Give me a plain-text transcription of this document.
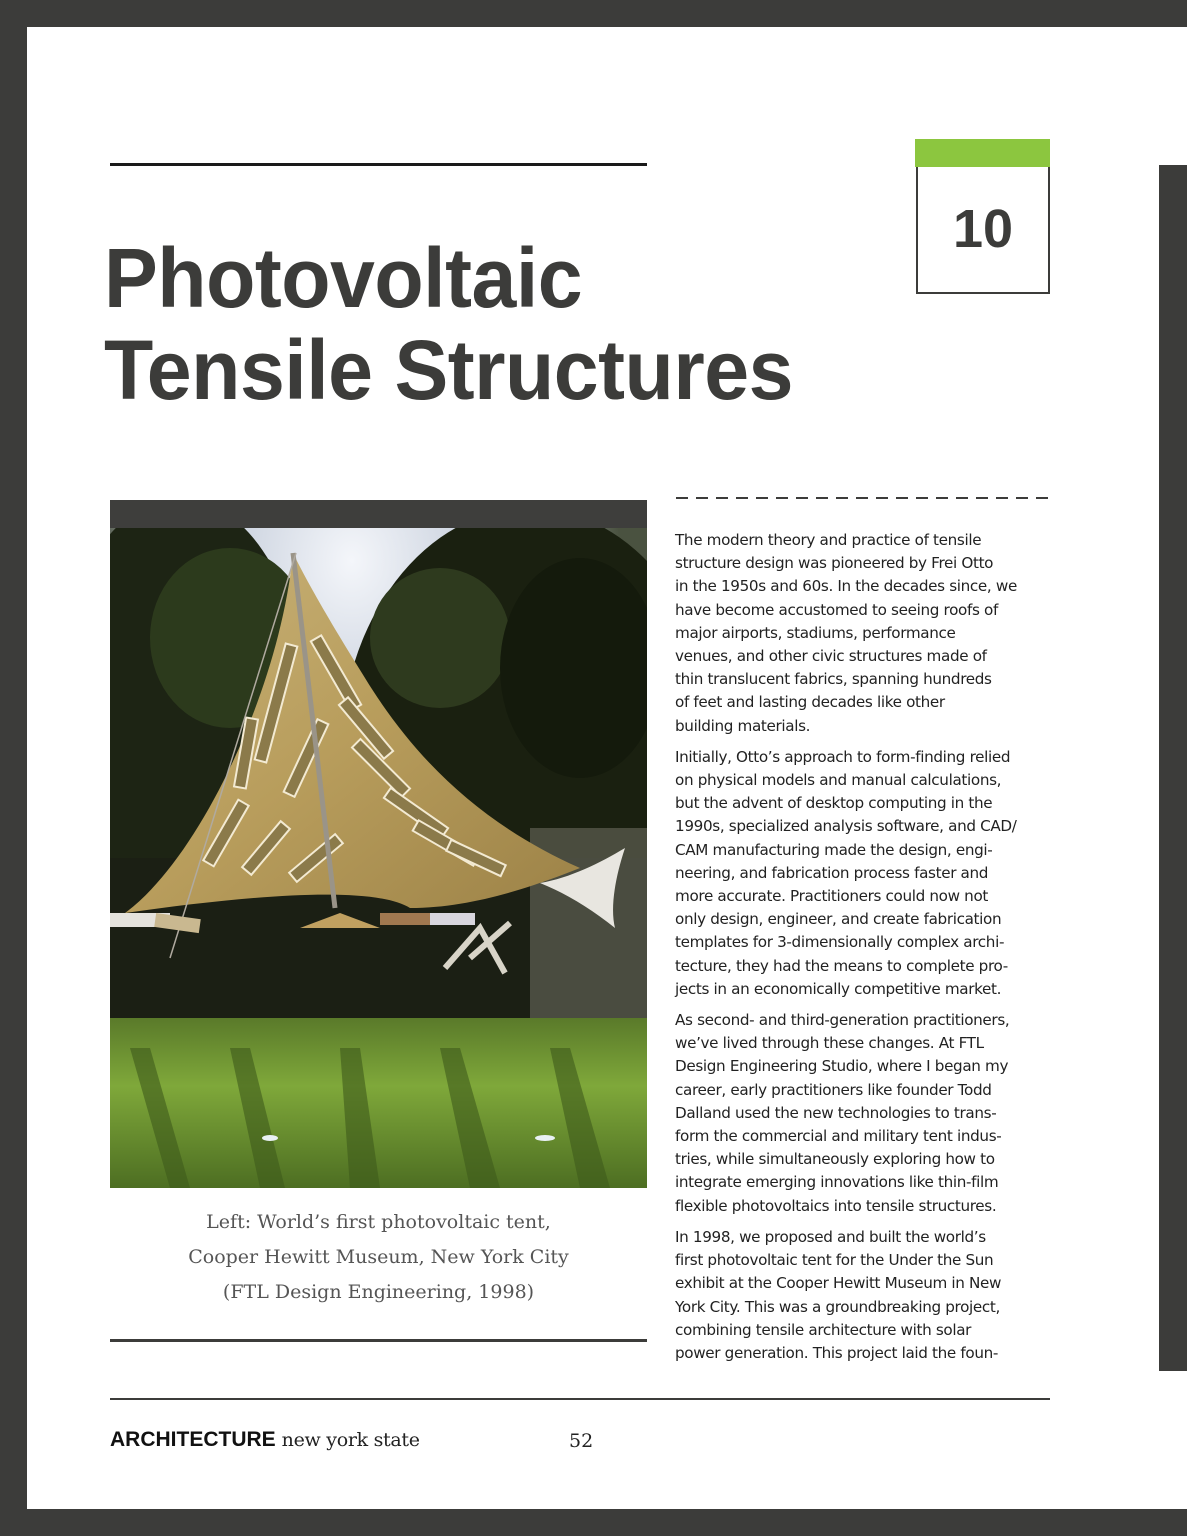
Photovoltaic
Tensile Structures
10
Left: World’s first photovoltaic tent,
Cooper Hewitt Museum, New York City
(FTL Design Engineering, 1998)

The modern theory and practice of tensile
structure design was pioneered by Frei Otto
in the 1950s and 60s. In the decades since, we
have become accustomed to seeing roofs of
major airports, stadiums, performance
venues, and other civic structures made of
thin translucent fabrics, spanning hundreds
of feet and lasting decades like other
building materials.

Initially, Otto’s approach to form-finding relied
on physical models and manual calculations,
but the advent of desktop computing in the
1990s, specialized analysis software, and CAD/
CAM manufacturing made the design, engi-
neering, and fabrication process faster and
more accurate. Practitioners could now not
only design, engineer, and create fabrication
templates for 3-dimensionally complex archi-
tecture, they had the means to complete pro-
jects in an economically competitive market.

As second- and third-generation practitioners,
we’ve lived through these changes. At FTL
Design Engineering Studio, where I began my
career, early practitioners like founder Todd
Dalland used the new technologies to trans-
form the commercial and military tent indus-
tries, while simultaneously exploring how to
integrate emerging innovations like thin-film
flexible photovoltaics into tensile structures.

In 1998, we proposed and built the world’s
first photovoltaic tent for the Under the Sun
exhibit at the Cooper Hewitt Museum in New
York City. This was a groundbreaking project,
combining tensile architecture with solar
power generation. This project laid the foun-

ARCHITECTURE new york state	52
